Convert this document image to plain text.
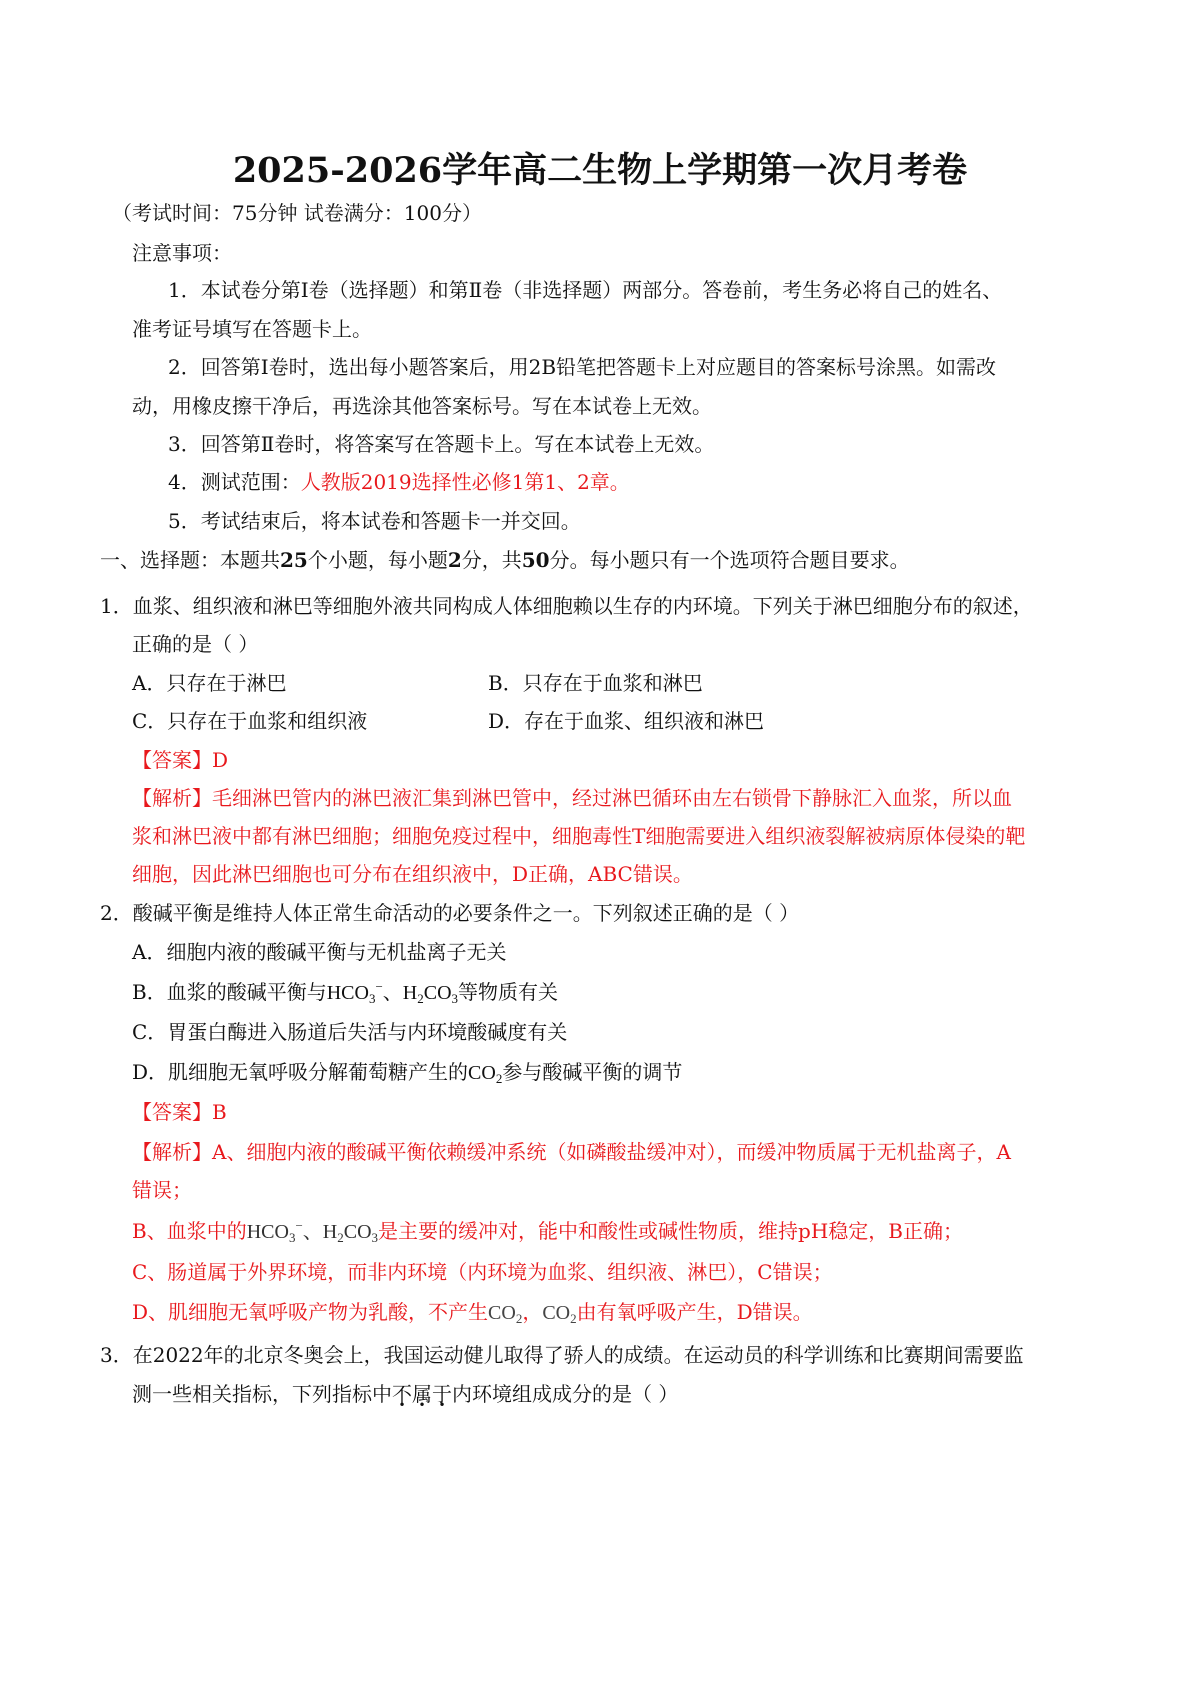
2025-2026学年高二生物上学期第一次月考卷
（考试时间：75分钟 试卷满分：100分）
注意事项：
1．本试卷分第Ⅰ卷（选择题）和第Ⅱ卷（非选择题）两部分。答卷前，考生务必将自己的姓名、
准考证号填写在答题卡上。
2．回答第Ⅰ卷时，选出每小题答案后，用2B铅笔把答题卡上对应题目的答案标号涂黑。如需改
动，用橡皮擦干净后，再选涂其他答案标号。写在本试卷上无效。
3．回答第Ⅱ卷时，将答案写在答题卡上。写在本试卷上无效。
4．测试范围：人教版2019选择性必修1第1、2章。
5．考试结束后，将本试卷和答题卡一并交回。
一、选择题：本题共25个小题，每小题2分，共50分。每小题只有一个选项符合题目要求。
1．血浆、组织液和淋巴等细胞外液共同构成人体细胞赖以生存的内环境。下列关于淋巴细胞分布的叙述，
正确的是（ ）
A．只存在于淋巴	B．只存在于血浆和淋巴
C．只存在于血浆和组织液	D．存在于血浆、组织液和淋巴
【答案】D
【解析】毛细淋巴管内的淋巴液汇集到淋巴管中，经过淋巴循环由左右锁骨下静脉汇入血浆，所以血
浆和淋巴液中都有淋巴细胞；细胞免疫过程中，细胞毒性T细胞需要进入组织液裂解被病原体侵染的靶
细胞，因此淋巴细胞也可分布在组织液中，D正确，ABC错误。
2．酸碱平衡是维持人体正常生命活动的必要条件之一。下列叙述正确的是（ ）
A．细胞内液的酸碱平衡与无机盐离子无关
B．血浆的酸碱平衡与$HCO_3^-$、$H_2CO_3$等物质有关
C．胃蛋白酶进入肠道后失活与内环境酸碱度有关
D．肌细胞无氧呼吸分解葡萄糖产生的$CO_2$参与酸碱平衡的调节
【答案】B
【解析】A、细胞内液的酸碱平衡依赖缓冲系统（如磷酸盐缓冲对），而缓冲物质属于无机盐离子，A
错误；
B、血浆中的$HCO_3^-$、$H_2CO_3$是主要的缓冲对，能中和酸性或碱性物质，维持pH稳定，B正确；
C、肠道属于外界环境，而非内环境（内环境为血浆、组织液、淋巴），C错误；
D、肌细胞无氧呼吸产物为乳酸，不产生$CO_2$，$CO_2$由有氧呼吸产生，D错误。
3．在2022年的北京冬奥会上，我国运动健儿取得了骄人的成绩。在运动员的科学训练和比赛期间需要监
测一些相关指标，下列指标中不属于内环境组成成分的是（ ）
